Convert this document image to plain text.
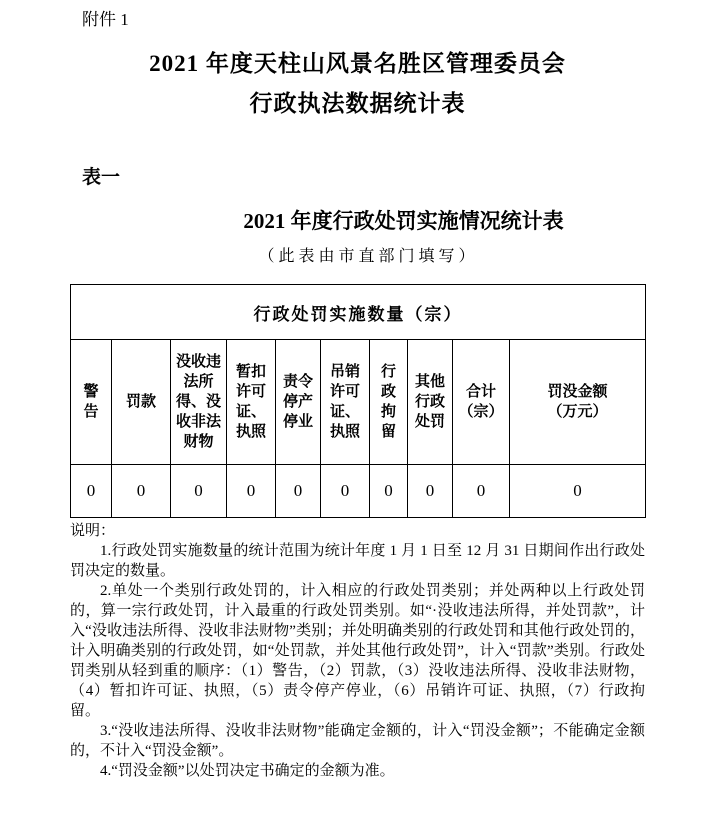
附件 1
2021 年度天柱山风景名胜区管理委员会
行政执法数据统计表
表一
2021 年度行政处罚实施情况统计表
（此表由市直部门填写）
行政处罚实施数量（宗）									
警告	罚款	没收违法所得、没收非法财物	暂扣许可证、执照	责令停产停业	吊销许可证、执照	行政拘留	其他行政处罚	合计（宗）	罚没金额（万元）
0	0	0	0	0	0	0	0	0	0

说明：

1.行政处罚实施数量的统计范围为统计年度 1 月 1 日至 12 月 31 日期间作出行政处罚决定的数量。

2.单处一个类别行政处罚的，计入相应的行政处罚类别；并处两种以上行政处罚的，算一宗行政处罚，计入最重的行政处罚类别。如“·没收违法所得，并处罚款”，计入“没收违法所得、没收非法财物”类别；并处明确类别的行政处罚和其他行政处罚的，计入明确类别的行政处罚，如“处罚款，并处其他行政处罚”，计入“罚款”类别。行政处罚类别从轻到重的顺序：（1）警告，（2）罚款，（3）没收违法所得、没收非法财物，（4）暂扣许可证、执照，（5）责令停产停业，（6）吊销许可证、执照，（7）行政拘留。

3.“没收违法所得、没收非法财物”能确定金额的，计入“罚没金额”；不能确定金额的，不计入“罚没金额”。

4.“罚没金额”以处罚决定书确定的金额为准。
